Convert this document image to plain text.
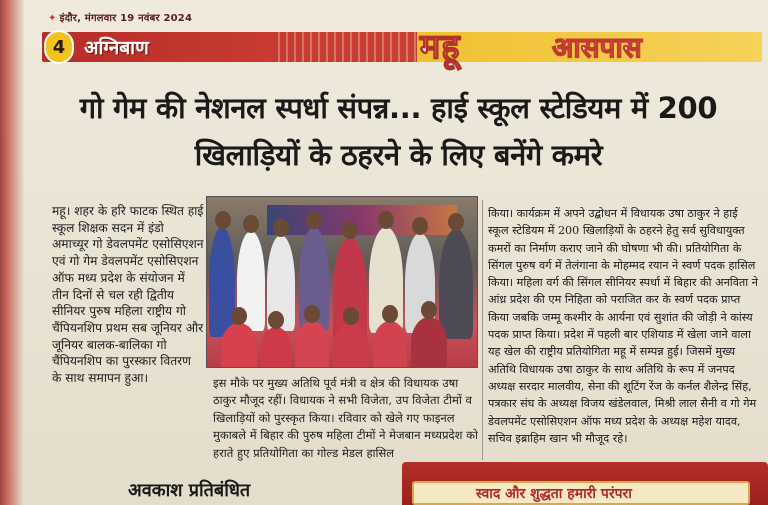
✦ इंदौर, मंगलवार 19 नवंबर 2024
4 अग्निबाण	महू	आसपास
गो गेम की नेशनल स्पर्धा संपन्न... हाई स्कूल स्टेडियम में 200 खिलाड़ियों के ठहरने के लिए बनेंगे कमरे
महू। शहर के हरि फाटक स्थित हाई स्कूल शिक्षक सदन में इंडो अमाच्यूर गो डेवलपमेंट एसोसिएशन एवं गो गेम डेवलपमेंट एसोसिएशन ऑफ मध्य प्रदेश के संयोजन में तीन दिनों से चल रही द्वितीय सीनियर पुरुष महिला राष्ट्रीय गो चैंपियनशिप प्रथम सब जूनियर और जूनियर बालक-बालिका गो चैंपियनशिप का पुरस्कार वितरण के साथ समापन हुआ।	इस मौके पर मुख्य अतिथि पूर्व मंत्री व क्षेत्र की विधायक उषा ठाकुर मौजूद रहीं। विधायक ने सभी विजेता, उप विजेता टीमों व खिलाड़ियों को पुरस्कृत किया। रविवार को खेले गए फाइनल मुकाबले में बिहार की पुरुष महिला टीमों ने मेजबान मध्यप्रदेश को हराते हुए प्रतियोगिता का गोल्ड मेडल हासिल
किया। कार्यक्रम में अपने उद्बोधन में विधायक उषा ठाकुर ने हाई स्कूल स्टेडियम में 200 खिलाड़ियों के ठहरने हेतु सर्व सुविधायुक्त कमरों का निर्माण कराए जाने की घोषणा भी की। प्रतियोगिता के सिंगल पुरुष वर्ग में तेलंगाना के मोहम्मद रयान ने स्वर्ण पदक हासिल किया। महिला वर्ग की सिंगल सीनियर स्पर्धा में बिहार की अनविता ने आंध्र प्रदेश की एम निहिता को पराजित कर के स्वर्ण पदक प्राप्त किया जबकि जम्मू कश्मीर के आर्यना एवं सुशांत की जोड़ी ने कांस्य पदक प्राप्त किया। प्रदेश में पहली बार एशियाड में खेला जाने वाला यह खेल की राष्ट्रीय प्रतियोगिता महू में सम्पन्न हुई। जिसमें मुख्य अतिथि विधायक उषा ठाकुर के साथ अतिथि के रूप में जनपद अध्यक्ष सरदार मालवीय, सेना की शूटिंग रेंज के कर्नल शैलेन्द्र सिंह, पत्रकार संघ के अध्यक्ष विजय खंडेलवाल, मिश्री लाल सैनी व गो गेम डेवलपमेंट एसोसिएशन ऑफ मध्य प्रदेश के अध्यक्ष महेश यादव, सचिव इब्राहिम खान भी मौजूद रहे।
अवकाश प्रतिबंधित	स्वाद और शुद्धता हमारी परंपरा
